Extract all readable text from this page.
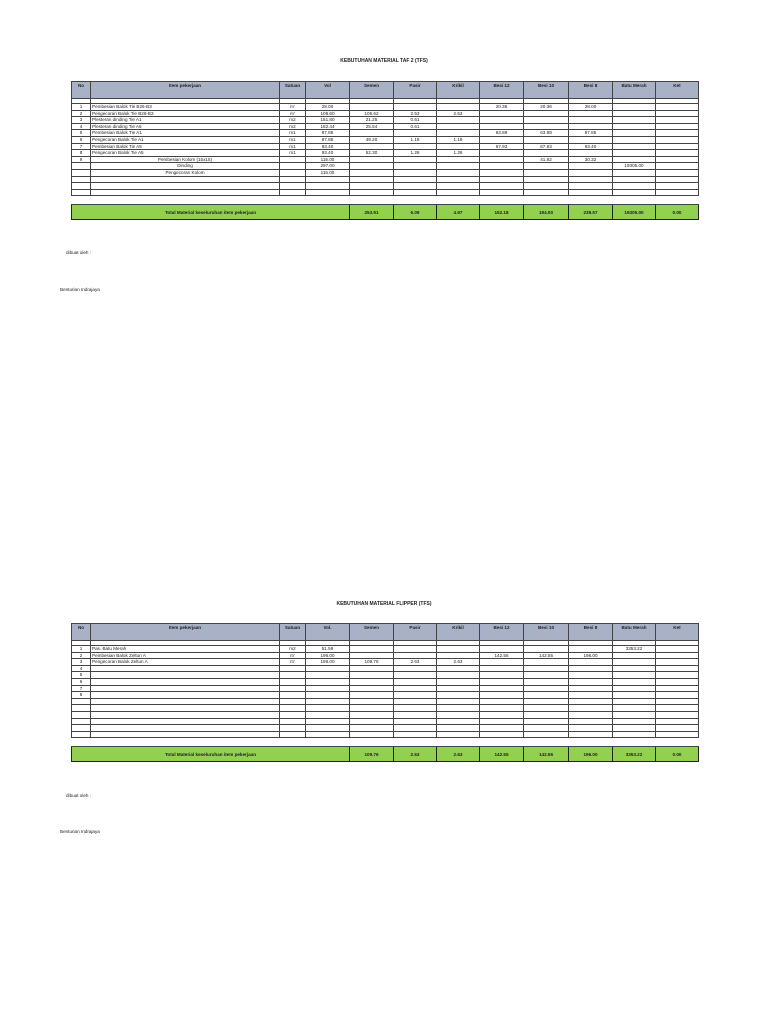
KEBUTUHAN MATERIAL TAF 2 (TFS)
No	Item pekerjaan	Satuan	Vol	Semen	Pasir	Krikil	Besi 12	Besi 10	Besi 8	Batu Merah	Ket

1	Pembesian Balok Tie B26-B3	m'	28.00				20.36	20.36	28.00		
2	Pengecoran Balok Tie B26-B3	m'	108.60	105.62	2.53	2.53					
3	Plesteran dinding Tie A1	m2	151.80	21.25	0.51						
4	Plesteran dinding Tie A5	m2	182.44	25.54	0.61						
5	Pembesian Balok Tie A1	m1	87.85				63.89	63.89	87.85		
6	Pengecoran Balok Tie A1	m1	87.85	49.20	1.18	1.18					
7	Pembesian Balok Tie A5	m1	93.40				67.93	67.93	93.40		
8	Pengecoran Balok Tie A5	m1	93.40	52.30	1.26	1.26					
9	Pembesian Kolom (15x15)		115.00					41.82	30.32		
	Dinding		297.00							19305.00	
	Pengecoran Kolom		115.00								

Total Material keseluruhan item pekerjaan				253.91	6.09	4.97	152.18	194.00	239.57	19305.00	0.00
dibuat oleh :
Benturian Indrajaya
KEBUTUHAN MATERIAL FLIPPER (TFS)
No	Item pekerjaan	Satuan	Vol.	Semen	Pasir	Krikil	Besi 12	Besi 10	Besi 8	Batu Merah	Ket

1	Pas. Batu Merah	m2	51.59							3353.22	
2	Pembesian Balok Zeltun A	m'	196.00				142.55	142.55	196.00		
3	Pengecoran Balok Zeltun A	m'	196.00	109.76	2.63	2.63					
4											
5											
6											
7											
8											

Total Material keseluruhan item pekerjaan				109.76	2.63	2.63	142.55	142.55	196.00	3353.22	0.00
dibuat oleh :
Benturian Indrajaya
